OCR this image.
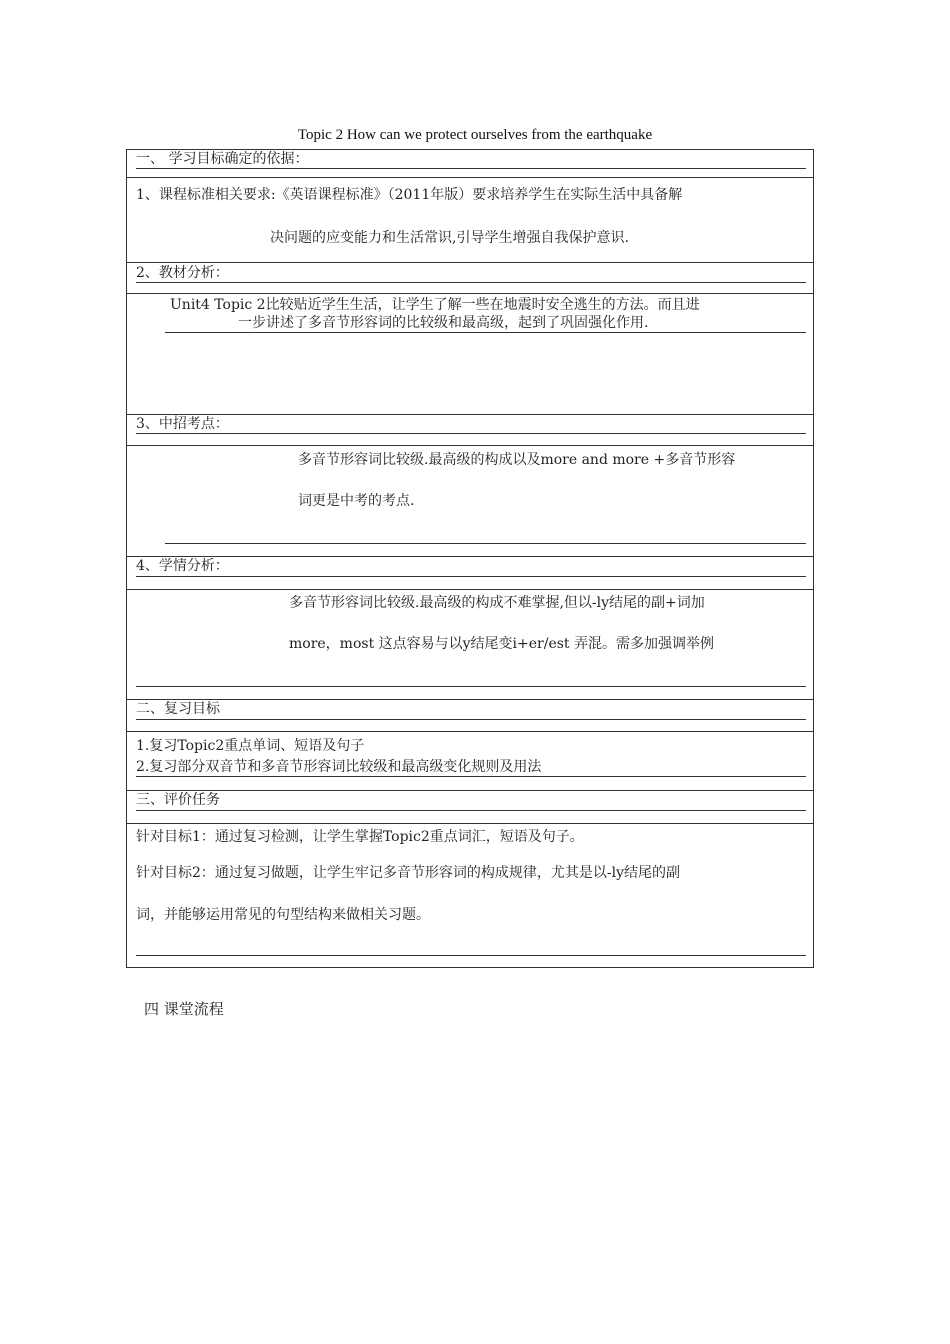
Topic 2 How can we protect ourselves from the earthquake
一、 学习目标确定的依据：
1、课程标准相关要求:《英语课程标准》（2011年版）要求培养学生在实际生活中具备解
决问题的应变能力和生活常识,引导学生增强自我保护意识.
2、教材分析：
Unit4 Topic 2比较贴近学生生活，让学生了解一些在地震时安全逃生的方法。而且进
一步讲述了多音节形容词的比较级和最高级，起到了巩固强化作用.
3、中招考点：
多音节形容词比较级.最高级的构成以及more and more +多音节形容
词更是中考的考点.
4、学情分析：
多音节形容词比较级.最高级的构成不难掌握,但以-ly结尾的副+词加
more，most 这点容易与以y结尾变i+er/est 弄混。需多加强调举例
二、复习目标
1.复习Topic2重点单词、短语及句子
2.复习部分双音节和多音节形容词比较级和最高级变化规则及用法
三、评价任务
针对目标1：通过复习检测，让学生掌握Topic2重点词汇，短语及句子。
针对目标2：通过复习做题，让学生牢记多音节形容词的构成规律，尤其是以-ly结尾的副
词，并能够运用常见的句型结构来做相关习题。
四 课堂流程
